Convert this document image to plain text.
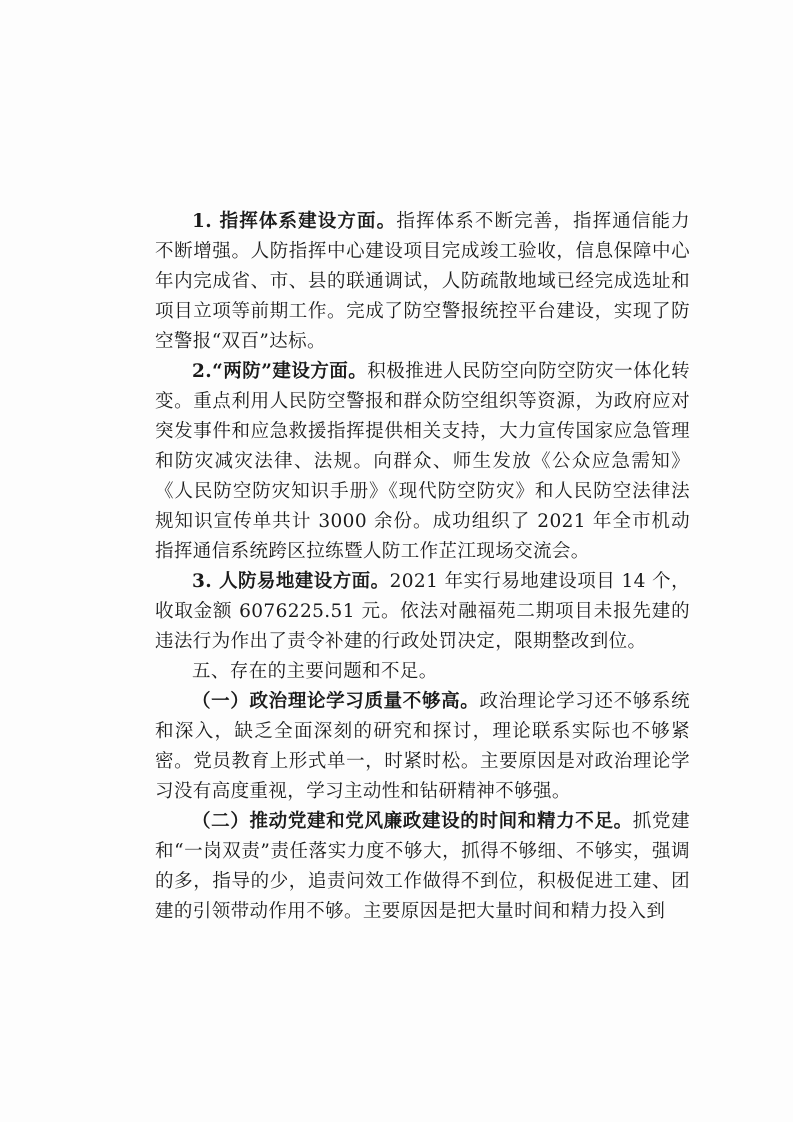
1. 指挥体系建设方面。指挥体系不断完善，指挥通信能力不断增强。人防指挥中心建设项目完成竣工验收，信息保障中心年内完成省、市、县的联通调试，人防疏散地域已经完成选址和项目立项等前期工作。完成了防空警报统控平台建设，实现了防空警报“双百”达标。

2.“两防”建设方面。积极推进人民防空向防空防灾一体化转变。重点利用人民防空警报和群众防空组织等资源，为政府应对突发事件和应急救援指挥提供相关支持，大力宣传国家应急管理和防灾减灾法律、法规。向群众、师生发放《公众应急需知》《人民防空防灾知识手册》《现代防空防灾》和人民防空法律法规知识宣传单共计 3000 余份。成功组织了 2021 年全市机动指挥通信系统跨区拉练暨人防工作芷江现场交流会。

3. 人防易地建设方面。2021 年实行易地建设项目 14 个，收取金额 6076225.51 元。依法对融福苑二期项目未报先建的违法行为作出了责令补建的行政处罚决定，限期整改到位。

五、存在的主要问题和不足。

（一）政治理论学习质量不够高。政治理论学习还不够系统和深入，缺乏全面深刻的研究和探讨，理论联系实际也不够紧密。党员教育上形式单一，时紧时松。主要原因是对政治理论学习没有高度重视，学习主动性和钻研精神不够强。

（二）推动党建和党风廉政建设的时间和精力不足。抓党建和“一岗双责”责任落实力度不够大，抓得不够细、不够实，强调的多，指导的少，追责问效工作做得不到位，积极促进工建、团建的引领带动作用不够。主要原因是把大量时间和精力投入到
